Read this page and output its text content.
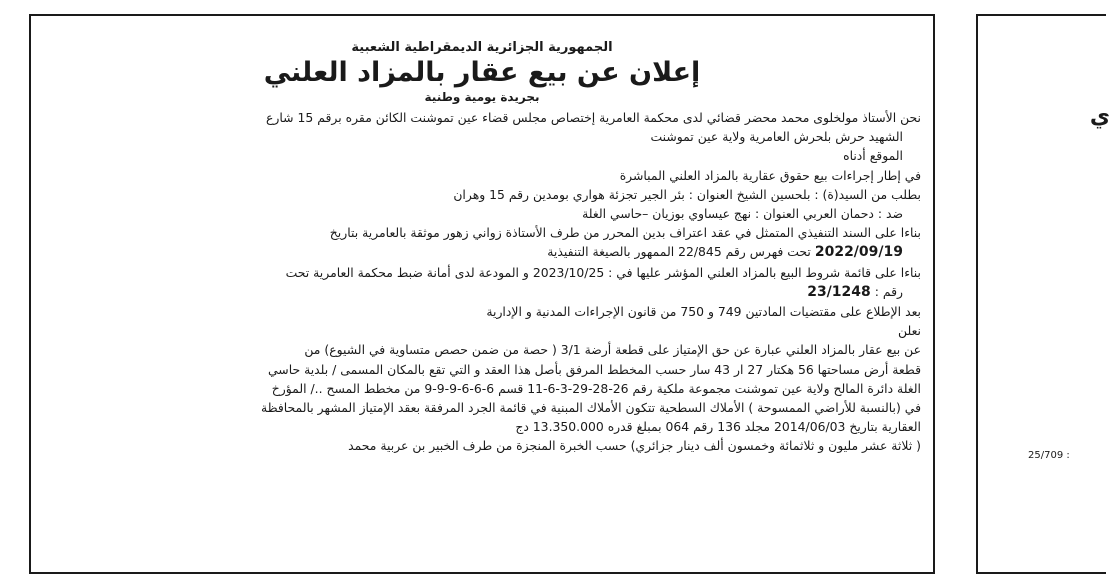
الجمهورية الجزائرية الديمقراطية الشعبية
إعلان عن بيع عقار بالمزاد العلني
بجريدة يومية وطنية

نحن الأستاذ مولخلوى محمد محضر قضائي لدى محكمة العامرية إختصاص مجلس قضاء عين تموشنت الكائن مقره برقم 15 شارع

الشهيد حرش بلحرش العامرية ولاية عين تموشنت

الموقع أدناه

في إطار إجراءات بيع حقوق عقارية بالمزاد العلني المباشرة

بطلب من السيد(ة) : بلحسين الشيخ العنوان : بئر الجير تجزئة هواري بومدين رقم 15 وهران

ضد : دحمان العربي العنوان : نهج عيساوي بوزيان –حاسي الغلة

بناءا على السند التنفيذي المتمثل في عقد اعتراف بدين المحرر من طرف الأستاذة زواني زهور موثقة بالعامرية بتاريخ

2022/09/19 تحت فهرس رقم 22/845 الممهور بالصيغة التنفيذية

بناءا على قائمة شروط البيع بالمزاد العلني المؤشر عليها في : 2023/10/25 و المودعة لدى أمانة ضبط محكمة العامرية تحت

رقم : 23/1248

بعد الإطلاع على مقتضيات المادتين 749 و 750 من قانون الإجراءات المدنية و الإدارية

نعلن

عن بيع عقار بالمزاد العلني عبارة عن حق الإمتياز على قطعة أرضة 3/1 ( حصة من ضمن حصص متساوية في الشيوع) من

قطعة أرض مساحتها 56 هكتار 27 ار 43 سار حسب المخطط المرفق بأصل هذا العقد و التي تقع بالمكان المسمى / بلدية حاسي

الغلة دائرة المالح ولاية عين تموشنت مجموعة ملكية رقم 26-28-29-3-6-11 قسم 6-6-6-9-9-9 من مخطط المسح ../ المؤرخ

في (بالنسبة للأراضي الممسوحة ) الأملاك السطحية تتكون الأملاك المبنية في قائمة الجرد المرفقة بعقد الإمتياز المشهر بالمحافظة

العقارية بتاريخ 2014/06/03 مجلد 136 رقم 064 بمبلغ قدره 13.350.000 دج

( ثلاثة عشر مليون و ثلاثمائة وخمسون ألف دينار جزائري) حسب الخبرة المنجزة من طرف الخبير بن عربية محمد

ي
25/709 :
